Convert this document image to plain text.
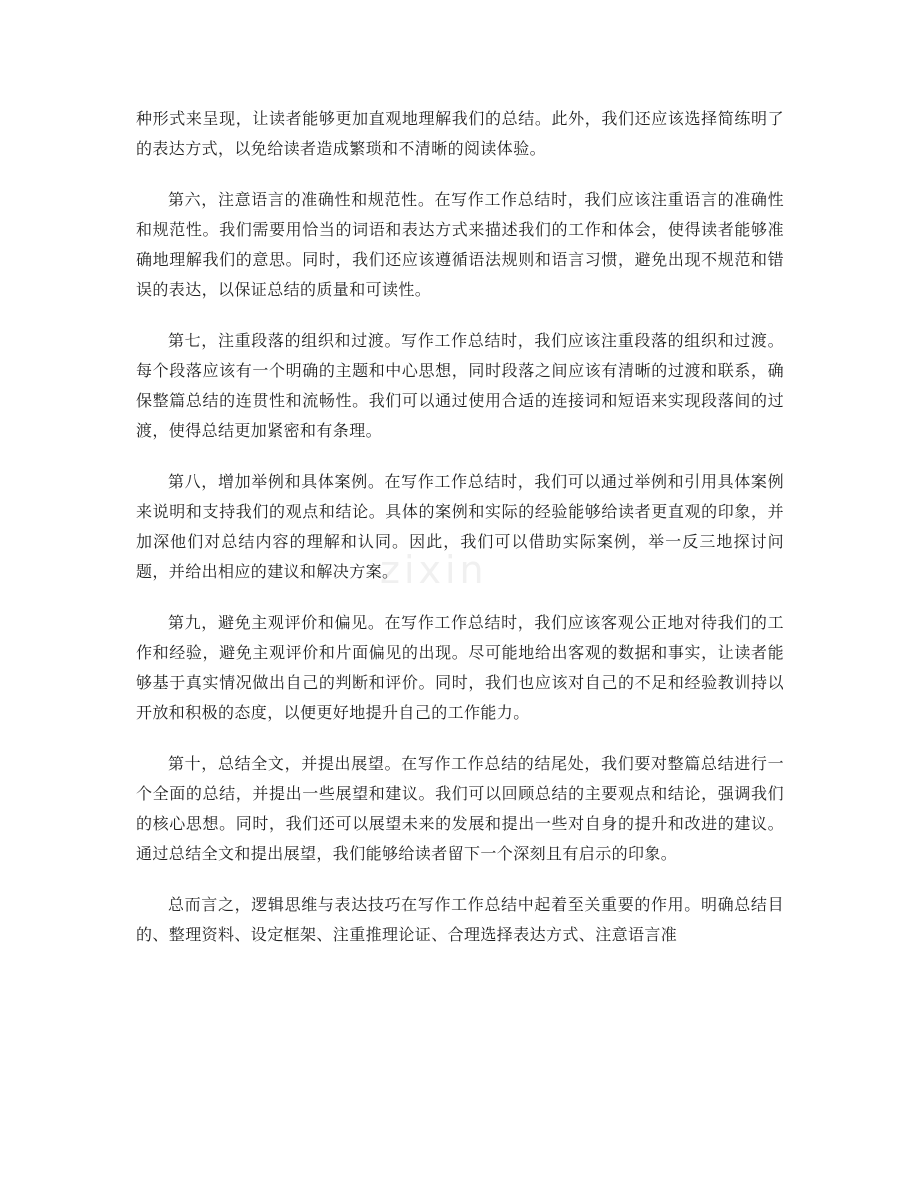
种形式来呈现，让读者能够更加直观地理解我们的总结。此外，我们还应该选择简练明了的表达方式，以免给读者造成繁琐和不清晰的阅读体验。

第六，注意语言的准确性和规范性。在写作工作总结时，我们应该注重语言的准确性和规范性。我们需要用恰当的词语和表达方式来描述我们的工作和体会，使得读者能够准确地理解我们的意思。同时，我们还应该遵循语法规则和语言习惯，避免出现不规范和错误的表达，以保证总结的质量和可读性。

第七，注重段落的组织和过渡。写作工作总结时，我们应该注重段落的组织和过渡。每个段落应该有一个明确的主题和中心思想，同时段落之间应该有清晰的过渡和联系，确保整篇总结的连贯性和流畅性。我们可以通过使用合适的连接词和短语来实现段落间的过渡，使得总结更加紧密和有条理。

第八，增加举例和具体案例。在写作工作总结时，我们可以通过举例和引用具体案例来说明和支持我们的观点和结论。具体的案例和实际的经验能够给读者更直观的印象，并加深他们对总结内容的理解和认同。因此，我们可以借助实际案例，举一反三地探讨问题，并给出相应的建议和解决方案。

第九，避免主观评价和偏见。在写作工作总结时，我们应该客观公正地对待我们的工作和经验，避免主观评价和片面偏见的出现。尽可能地给出客观的数据和事实，让读者能够基于真实情况做出自己的判断和评价。同时，我们也应该对自己的不足和经验教训持以开放和积极的态度，以便更好地提升自己的工作能力。

第十，总结全文，并提出展望。在写作工作总结的结尾处，我们要对整篇总结进行一个全面的总结，并提出一些展望和建议。我们可以回顾总结的主要观点和结论，强调我们的核心思想。同时，我们还可以展望未来的发展和提出一些对自身的提升和改进的建议。通过总结全文和提出展望，我们能够给读者留下一个深刻且有启示的印象。

总而言之，逻辑思维与表达技巧在写作工作总结中起着至关重要的作用。明确总结目的、整理资料、设定框架、注重推理论证、合理选择表达方式、注意语言准

zixin
